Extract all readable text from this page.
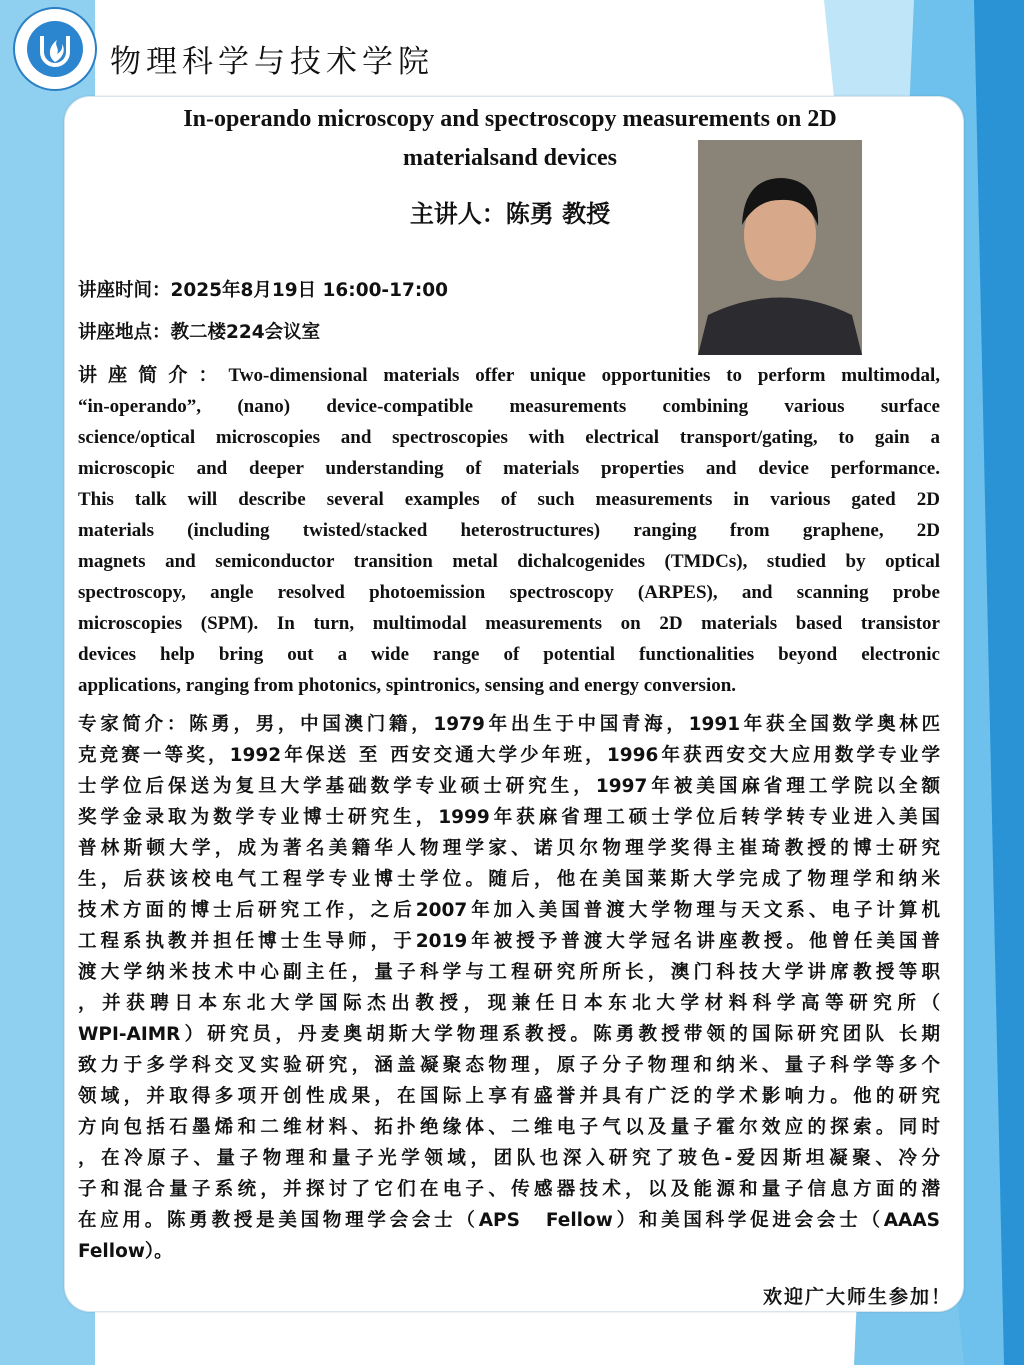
物理科学与技术学院
In-operando microscopy and spectroscopy measurements on 2D
materialsand devices
主讲人：陈勇 教授
讲座时间：2025年8月19日 16:00-17:00
讲座地点：教二楼224会议室
讲座简介：Two-dimensional materials offer unique opportunities to perform multimodal,
“in-operando”, (nano) device-compatible measurements combining various surface
science/optical microscopies and spectroscopies with electrical transport/gating, to gain a
microscopic and deeper understanding of materials properties and device performance.
This talk will describe several examples of such measurements in various gated 2D
materials (including twisted/stacked heterostructures) ranging from graphene, 2D
magnets and semiconductor transition metal dichalcogenides (TMDCs), studied by optical
spectroscopy, angle resolved photoemission spectroscopy (ARPES), and scanning probe
microscopies (SPM). In turn, multimodal measurements on 2D materials based transistor
devices help bring out a wide range of potential functionalities beyond electronic
applications, ranging from photonics, spintronics, sensing and energy conversion.
专家简介：陈勇，男，中国澳门籍，1979年出生于中国青海，1991年获全国数学奥林匹
克竞赛一等奖，1992年保送 至 西安交通大学少年班，1996年获西安交大应用数学专业学
士学位后保送为复旦大学基础数学专业硕士研究生，1997年被美国麻省理工学院以全额
奖学金录取为数学专业博士研究生，1999年获麻省理工硕士学位后转学转专业进入美国
普林斯顿大学，成为著名美籍华人物理学家、诺贝尔物理学奖得主崔琦教授的博士研究
生，后获该校电气工程学专业博士学位。随后，他在美国莱斯大学完成了物理学和纳米
技术方面的博士后研究工作，之后2007年加入美国普渡大学物理与天文系、电子计算机
工程系执教并担任博士生导师，于2019年被授予普渡大学冠名讲座教授。他曾任美国普
渡大学纳米技术中心副主任，量子科学与工程研究所所长，澳门科技大学讲席教授等职
，并获聘日本东北大学国际杰出教授，现兼任日本东北大学材料科学高等研究所（
WPI-AIMR）研究员，丹麦奥胡斯大学物理系教授。陈勇教授带领的国际研究团队 长期
致力于多学科交叉实验研究，涵盖凝聚态物理，原子分子物理和纳米、量子科学等多个
领域，并取得多项开创性成果，在国际上享有盛誉并具有广泛的学术影响力。他的研究
方向包括石墨烯和二维材料、拓扑绝缘体、二维电子气以及量子霍尔效应的探索。同时
，在冷原子、量子物理和量子光学领域，团队也深入研究了玻色-爱因斯坦凝聚、冷分
子和混合量子系统，并探讨了它们在电子、传感器技术，以及能源和量子信息方面的潜
在应用。陈勇教授是美国物理学会会士（APS　Fellow）和美国科学促进会会士（AAAS
Fellow）。
欢迎广大师生参加！
